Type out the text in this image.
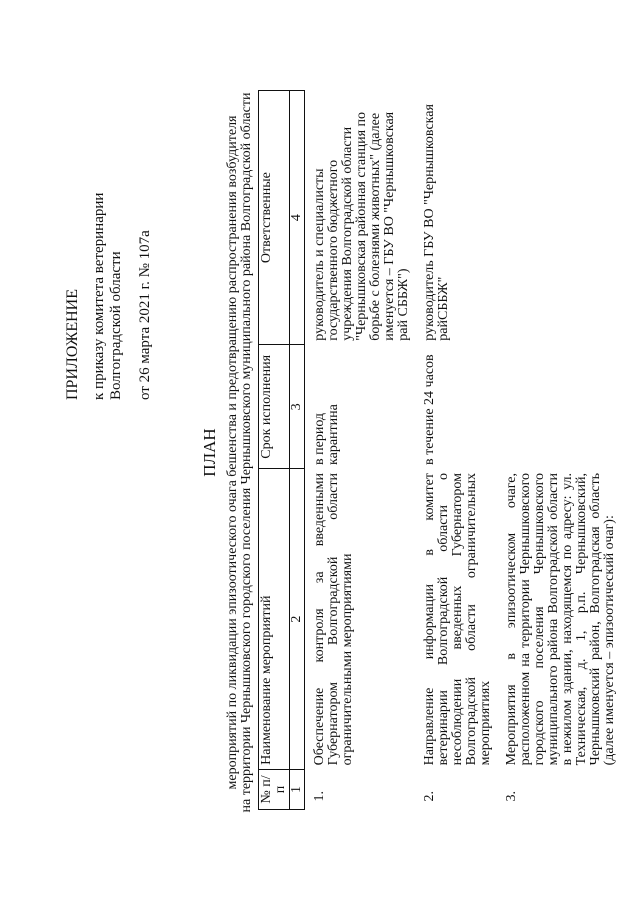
ПРИЛОЖЕНИЕ к приказу комитета ветеринарии Волгоградской области от 26 марта 2021 г. № 107а
ПЛАН мероприятий по ликвидации эпизоотического очага бешенства и предотвращению распространения возбудителя на территории Чернышковского городского поселения Чернышковского муниципального района Волгоградской области № п/п	Наименование мероприятий	Срок исполнения	Ответственные
1	2	3	4
1.	Обеспечение контроля за введенными Губернатором Волгоградской области ограничительными мероприятиями	в период карантина	руководитель и специалисты государственного бюджетного учреждения Волгоградской области "Чернышковская районная станция по борьбе с болезнями животных" (далее именуется – ГБУ ВО "Чернышковская рай СББЖ")
2.	Направление информации в комитет ветеринарии Волгоградской области о несоблюдении введенных Губернатором Волгоградской области ограничительных мероприятиях	в течение 24 часов	руководитель ГБУ ВО "Чернышковская райСББЖ"
3.	Мероприятия в эпизоотическом очаге, расположенном на территории Чернышковского городского поселения Чернышковского муниципального района Волгоградской области в нежилом здании, находящемся по адресу: ул. Техническая, д. 1, р.п. Чернышковский, Чернышковский район, Волгоградская область (далее именуется – эпизоотический очаг):		
